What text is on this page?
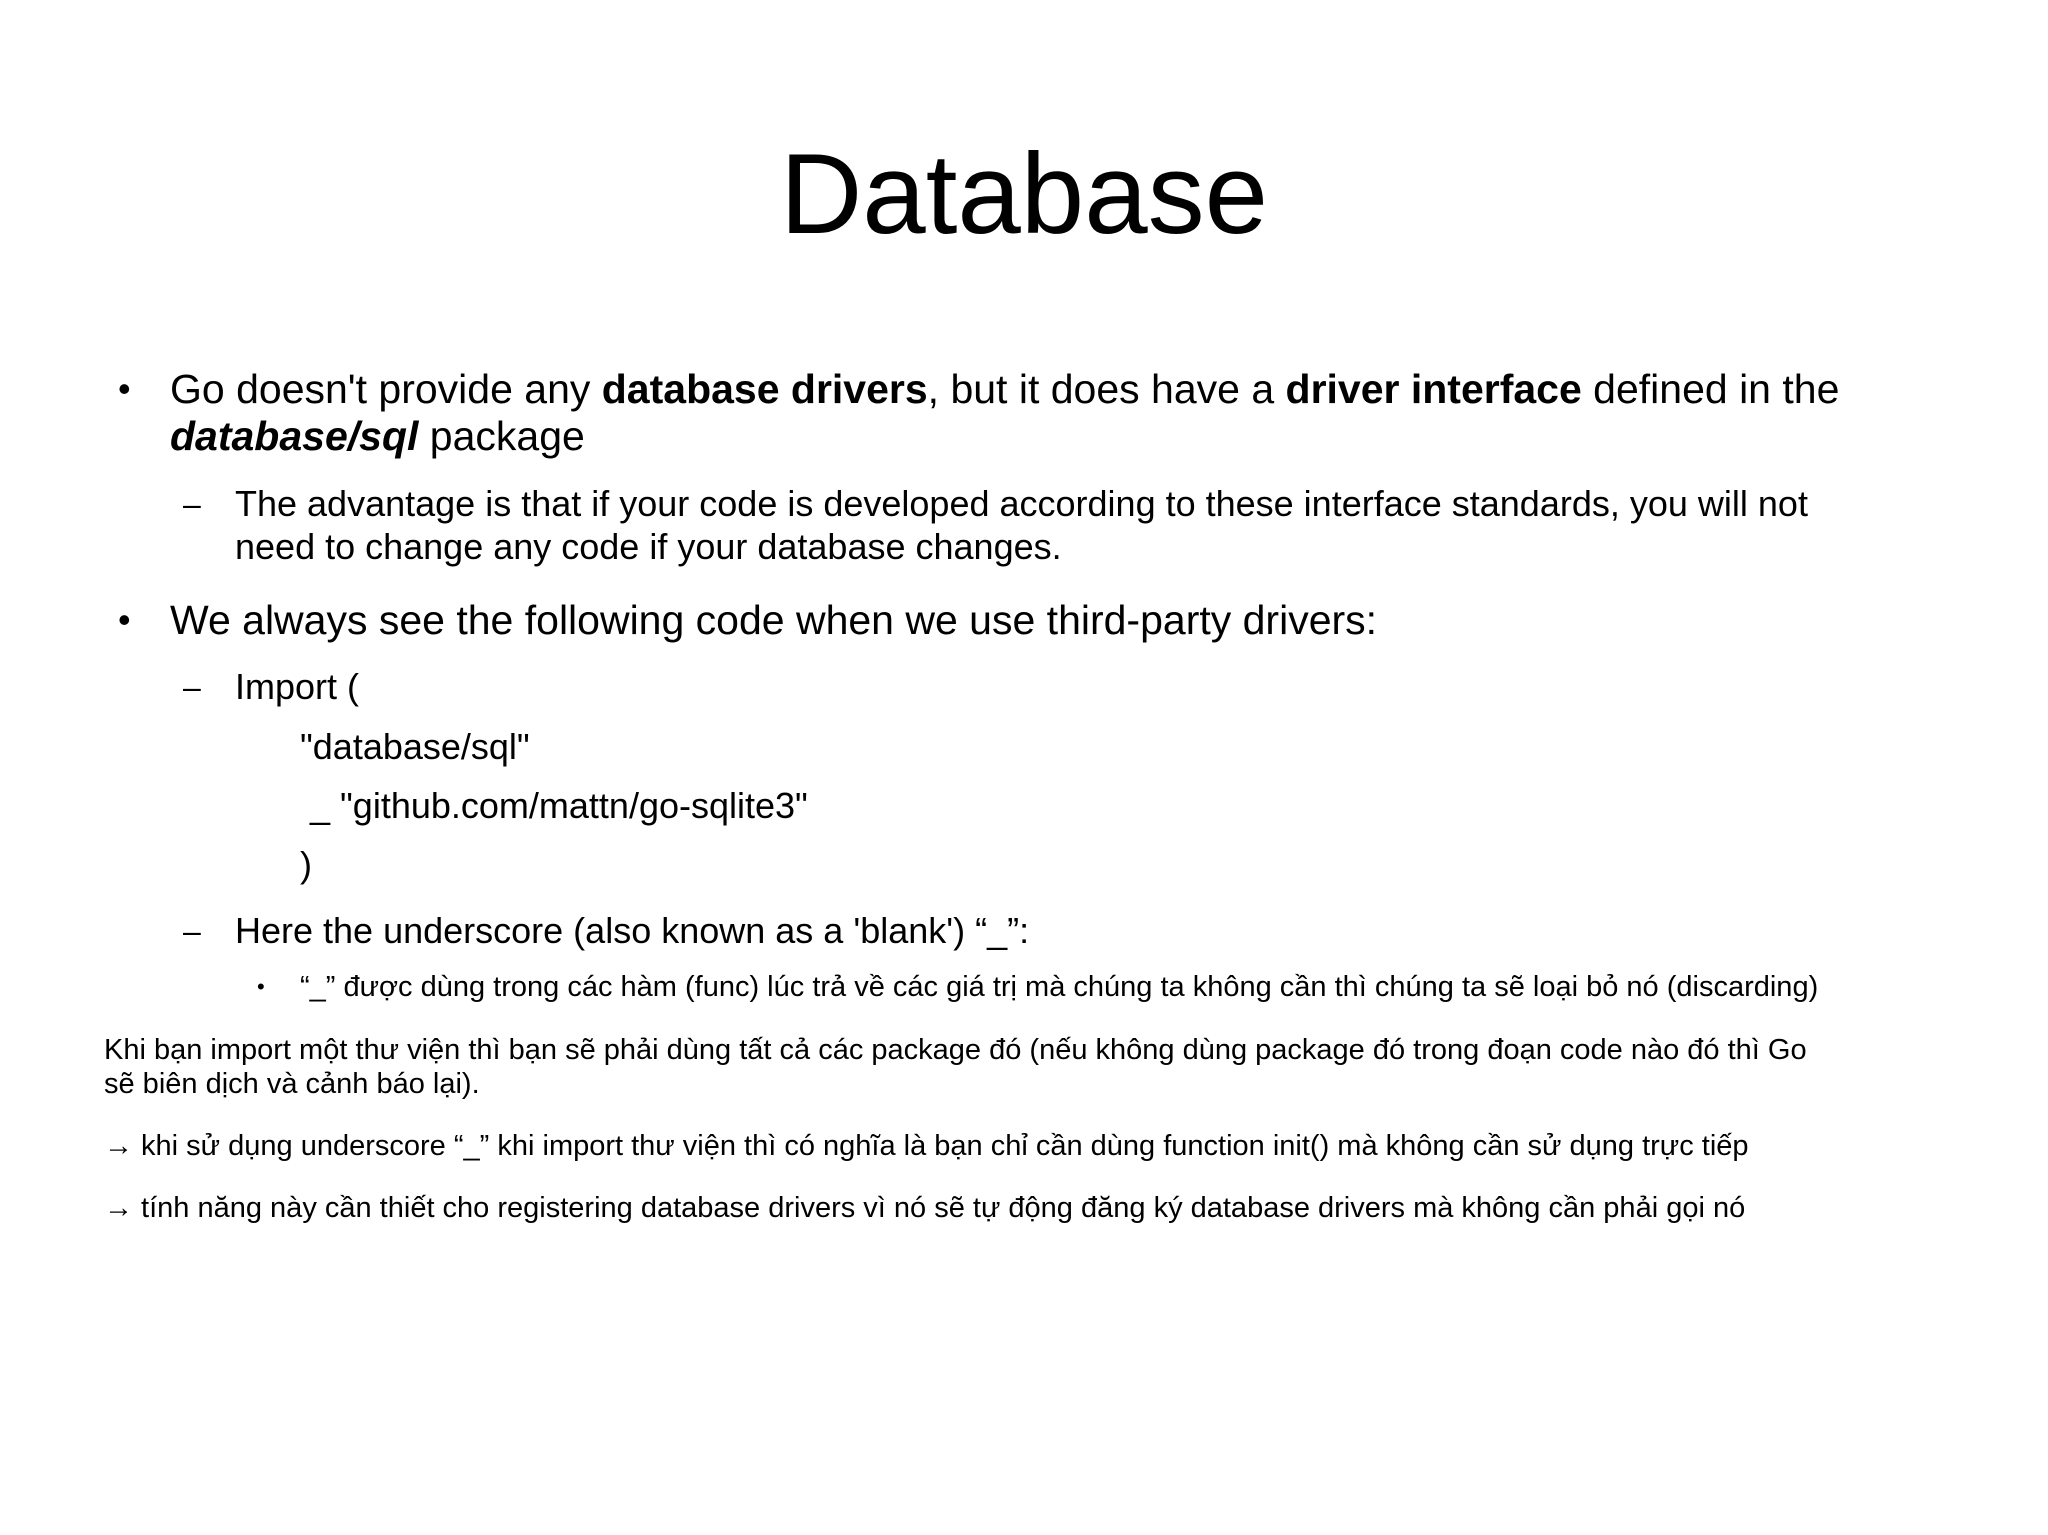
Database
• Go doesn't provide any database drivers, but it does have a driver interface defined in the
database/sql package
– The advantage is that if your code is developed according to these interface standards, you will not
need to change any code if your database changes.
• We always see the following code when we use third-party drivers:
– Import (
"database/sql"
_ "github.com/mattn/go-sqlite3"
)
– Here the underscore (also known as a 'blank') “_”:
• “_” được dùng trong các hàm (func) lúc trả về các giá trị mà chúng ta không cần thì chúng ta sẽ loại bỏ nó (discarding)
Khi bạn import một thư viện thì bạn sẽ phải dùng tất cả các package đó (nếu không dùng package đó trong đoạn code nào đó thì Go
sẽ biên dịch và cảnh báo lại).
→ khi sử dụng underscore “_” khi import thư viện thì có nghĩa là bạn chỉ cần dùng function init() mà không cần sử dụng trực tiếp
→ tính năng này cần thiết cho registering database drivers vì nó sẽ tự động đăng ký database drivers mà không cần phải gọi nó
